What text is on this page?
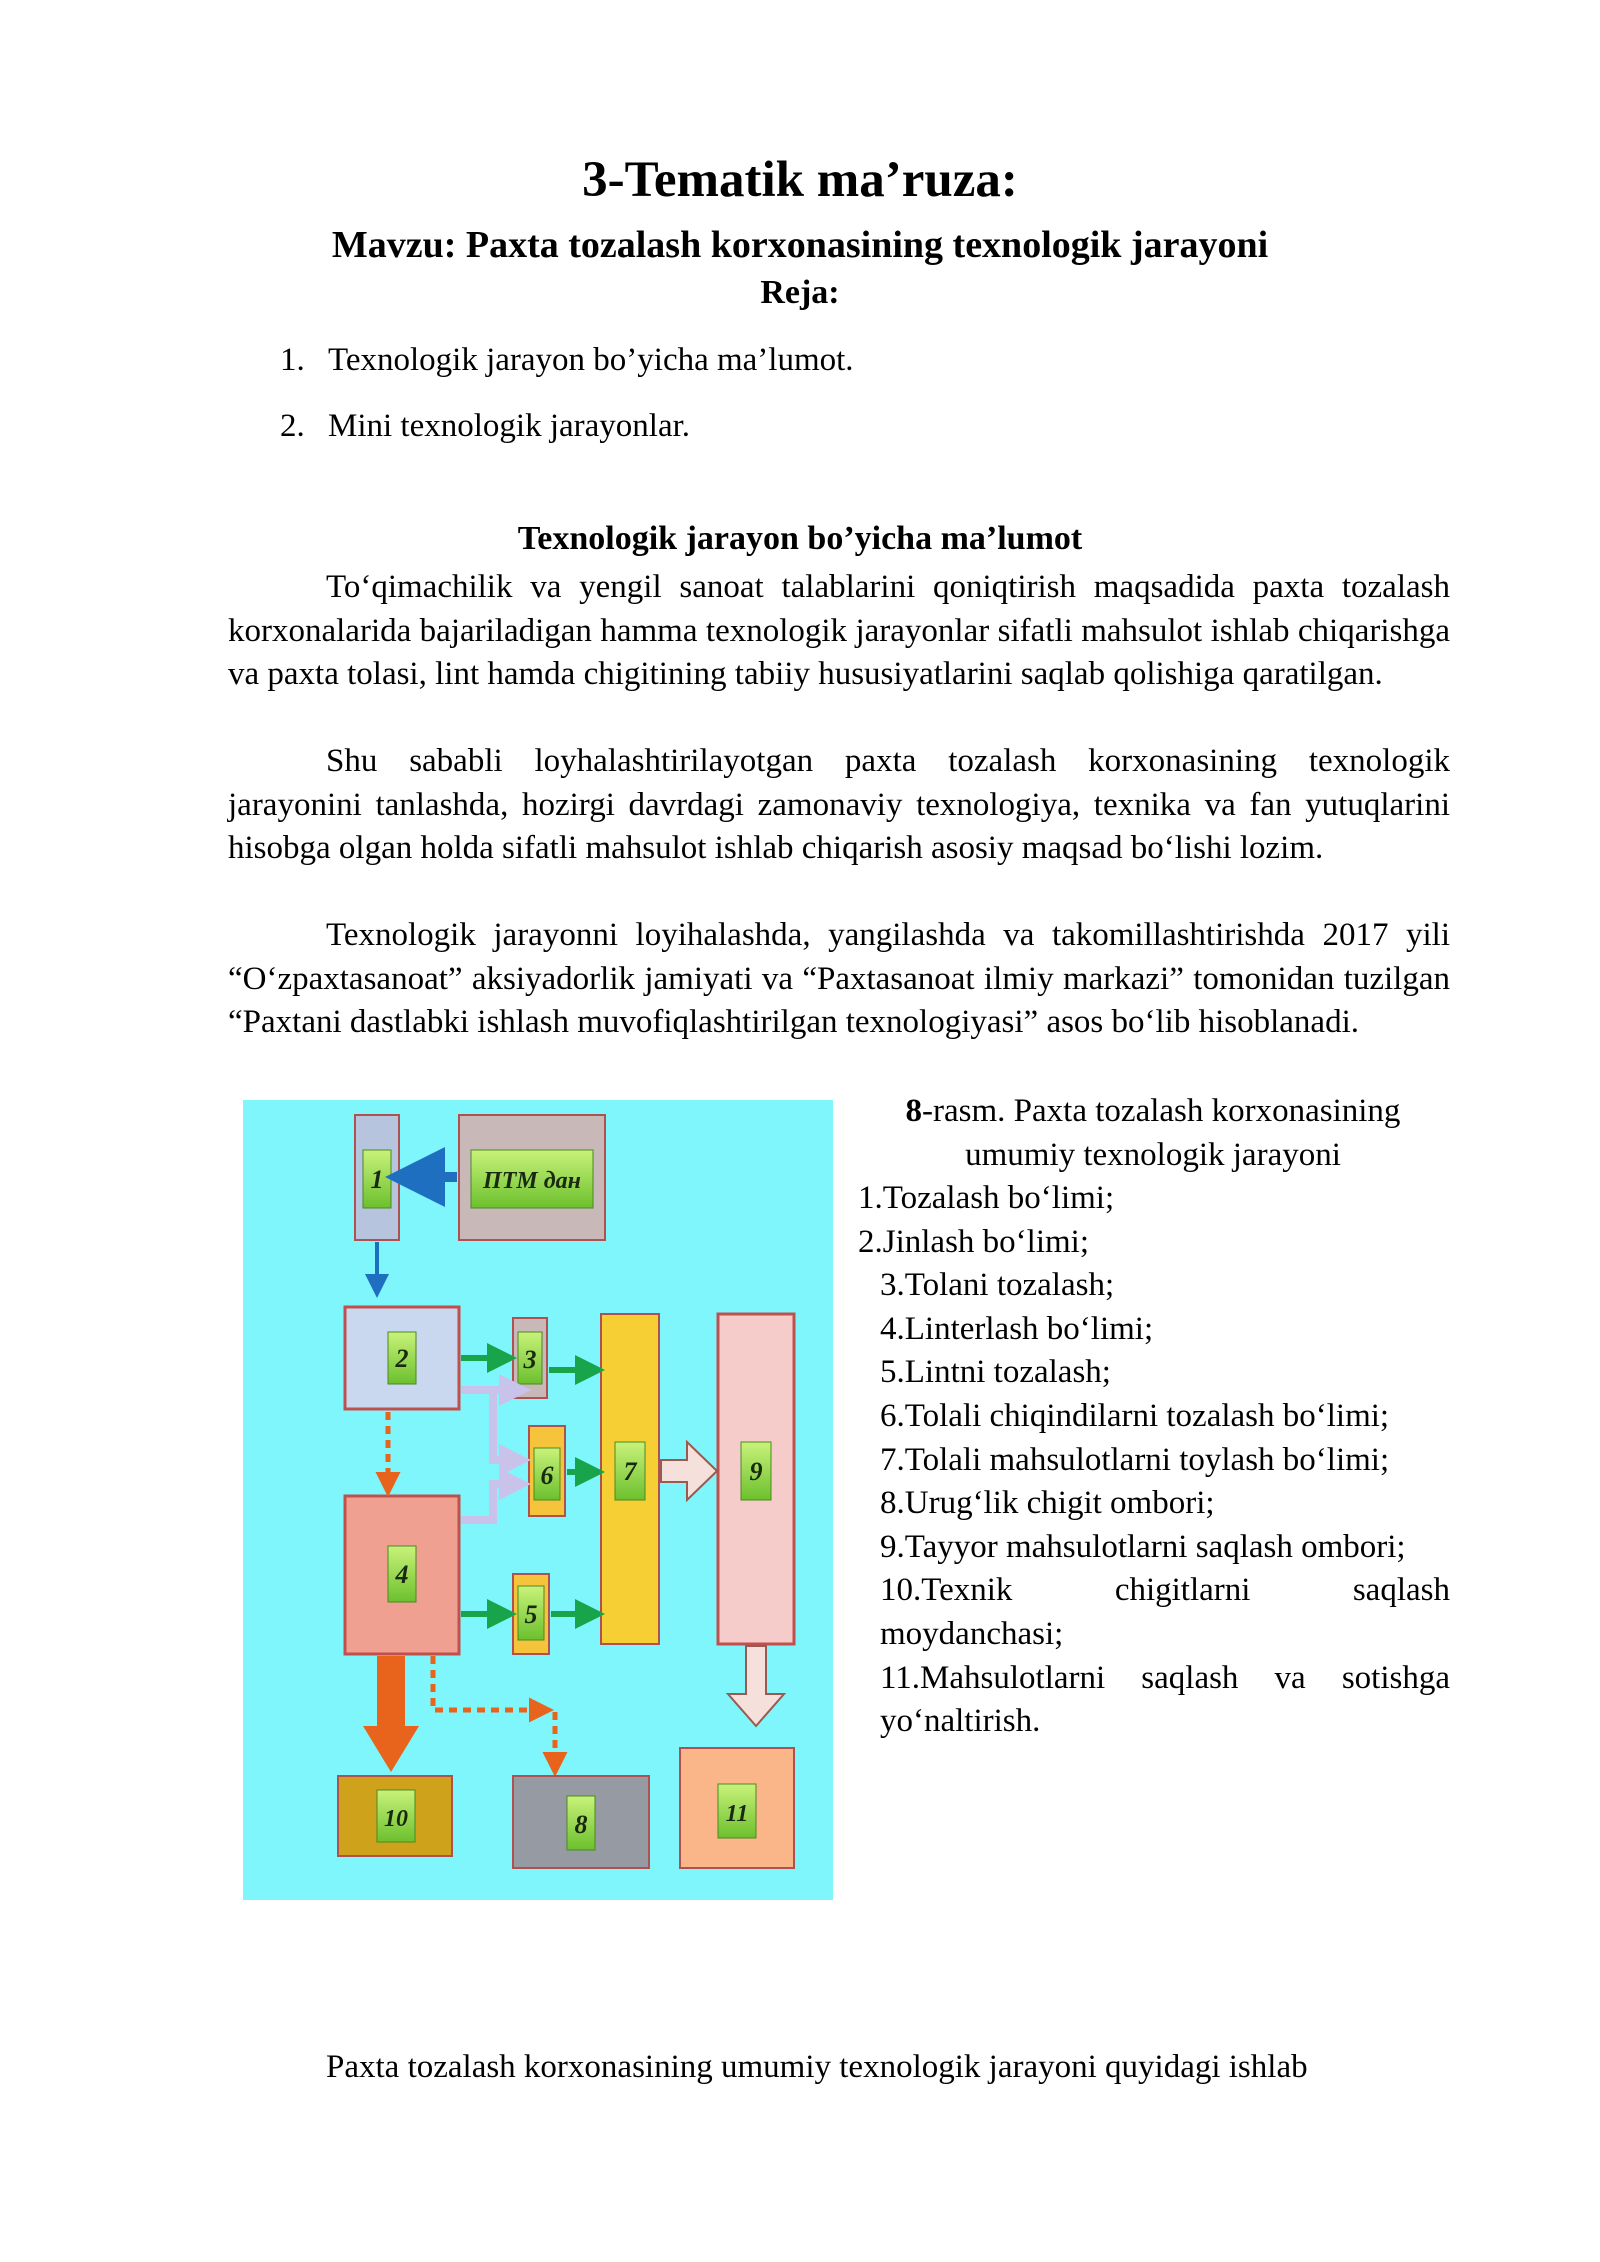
3-Tematik ma’ruza:
Mavzu: Paxta tozalash korxonasining texnologik jarayoni
Reja:
1. Texnologik jarayon bo’yicha ma’lumot.
2. Mini texnologik jarayonlar.
Texnologik jarayon bo’yicha ma’lumot
To‘qimachilik va yengil sanoat talablarini qoniqtirish maqsadida paxta tozalash korxonalarida bajariladigan hamma texnologik jarayonlar sifatli mahsulot ishlab chiqarishga va paxta tolasi, lint hamda chigitining tabiiy hususiyatlarini saqlab qolishiga qaratilgan.
Shu sababli loyhalashtirilayotgan paxta tozalash korxonasining texnologik jarayonini tanlashda, hozirgi davrdagi zamonaviy texnologiya, texnika va fan yutuqlarini hisobga olgan holda sifatli mahsulot ishlab chiqarish asosiy maqsad bo‘lishi lozim.
Texnologik jarayonni loyihalashda, yangilashda va takomillashtirishda 2017 yili “O‘zpaxtasanoat” aksiyadorlik jamiyati va “Paxtasanoat ilmiy markazi” tomonidan tuzilgan “Paxtani dastlabki ishlash muvofiqlashtirilgan texnologiyasi” asos bo‘lib hisoblanadi.
1	ПТМ дан
2	3
7	9
6
4
5
10	8	11
8-rasm. Paxta tozalash korxonasining umumiy texnologik jarayoni
1.Tozalash bo‘limi;
2.Jinlash bo‘limi;
3.Tolani tozalash;
4.Linterlash bo‘limi;
5.Lintni tozalash;
6.Tolali chiqindilarni tozalash bo‘limi;
7.Tolali mahsulotlarni toylash bo‘limi;
8.Urug‘lik chigit ombori;
9.Tayyor mahsulotlarni saqlash ombori;
10.Texnik chigitlarni saqlash moydanchasi;
11.Mahsulotlarni saqlash va sotishga yo‘naltirish.
Paxta tozalash korxonasining umumiy texnologik jarayoni quyidagi ishlab
